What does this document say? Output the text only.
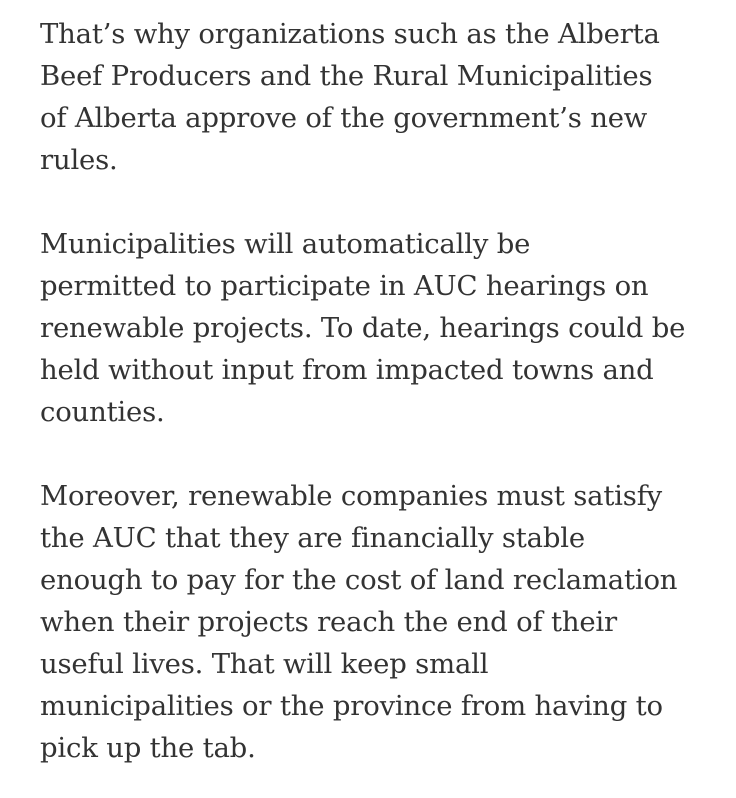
That’s why organizations such as the Alberta
Beef Producers and the Rural Municipalities
of Alberta approve of the government’s new
rules.
Municipalities will automatically be
permitted to participate in AUC hearings on
renewable projects. To date, hearings could be
held without input from impacted towns and
counties.
Moreover, renewable companies must satisfy
the AUC that they are financially stable
enough to pay for the cost of land reclamation
when their projects reach the end of their
useful lives. That will keep small
municipalities or the province from having to
pick up the tab.
